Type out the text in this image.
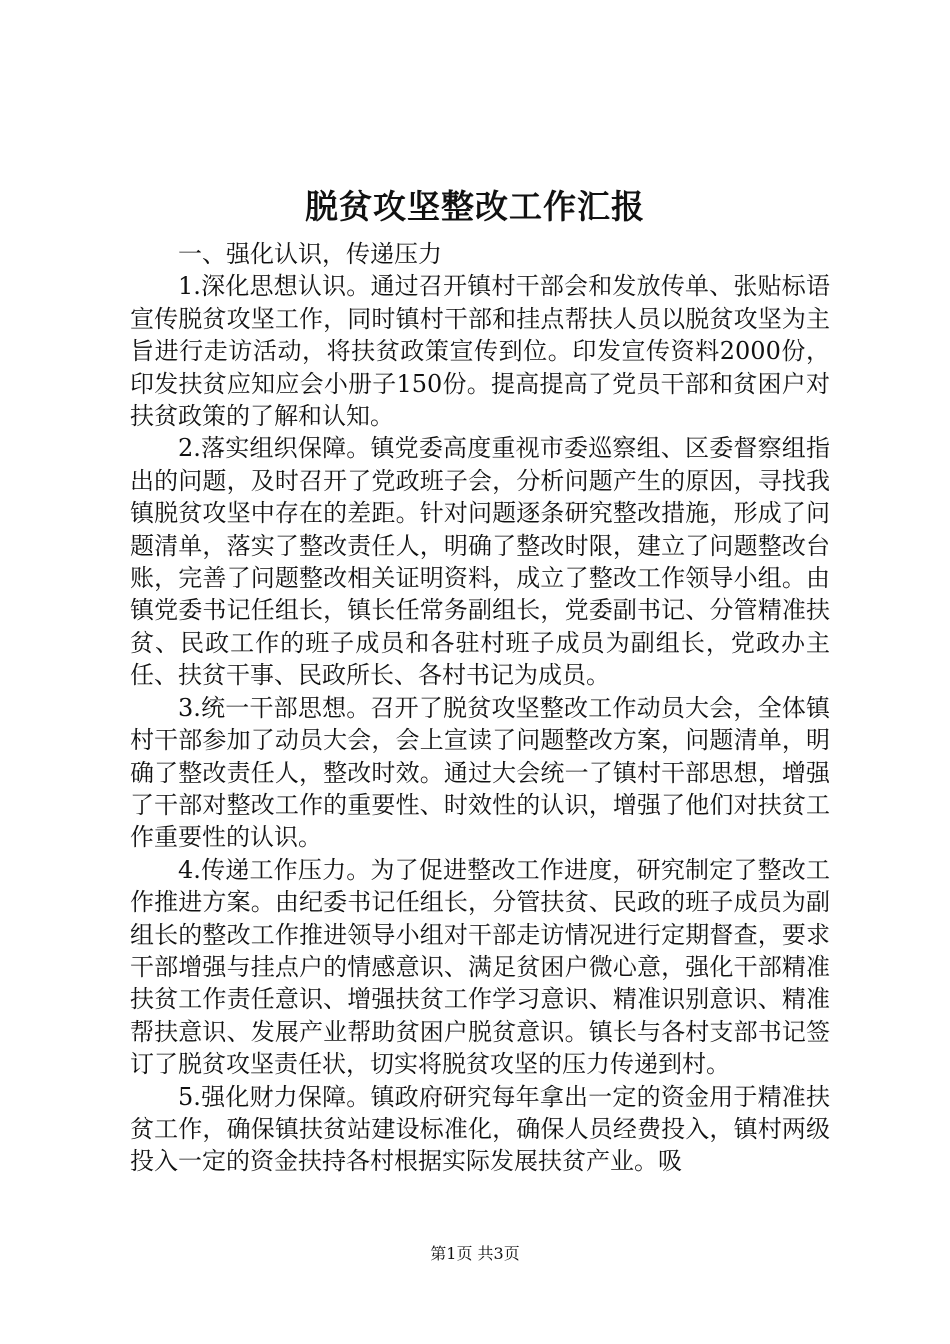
脱贫攻坚整改工作汇报

一、强化认识，传递压力

1.深化思想认识。通过召开镇村干部会和发放传单、张贴标语宣传脱贫攻坚工作，同时镇村干部和挂点帮扶人员以脱贫攻坚为主旨进行走访活动，将扶贫政策宣传到位。印发宣传资料2000份，印发扶贫应知应会小册子150份。提高提高了党员干部和贫困户对扶贫政策的了解和认知。

2.落实组织保障。镇党委高度重视市委巡察组、区委督察组指出的问题，及时召开了党政班子会，分析问题产生的原因，寻找我镇脱贫攻坚中存在的差距。针对问题逐条研究整改措施，形成了问题清单，落实了整改责任人，明确了整改时限，建立了问题整改台账，完善了问题整改相关证明资料，成立了整改工作领导小组。由镇党委书记任组长，镇长任常务副组长，党委副书记、分管精准扶贫、民政工作的班子成员和各驻村班子成员为副组长，党政办主任、扶贫干事、民政所长、各村书记为成员。

3.统一干部思想。召开了脱贫攻坚整改工作动员大会，全体镇村干部参加了动员大会，会上宣读了问题整改方案，问题清单，明确了整改责任人，整改时效。通过大会统一了镇村干部思想，增强了干部对整改工作的重要性、时效性的认识，增强了他们对扶贫工作重要性的认识。

4.传递工作压力。为了促进整改工作进度，研究制定了整改工作推进方案。由纪委书记任组长，分管扶贫、民政的班子成员为副组长的整改工作推进领导小组对干部走访情况进行定期督查，要求干部增强与挂点户的情感意识、满足贫困户微心意，强化干部精准扶贫工作责任意识、增强扶贫工作学习意识、精准识别意识、精准帮扶意识、发展产业帮助贫困户脱贫意识。镇长与各村支部书记签订了脱贫攻坚责任状，切实将脱贫攻坚的压力传递到村。

5.强化财力保障。镇政府研究每年拿出一定的资金用于精准扶贫工作，确保镇扶贫站建设标准化，确保人员经费投入，镇村两级投入一定的资金扶持各村根据实际发展扶贫产业。吸

第1页 共3页
